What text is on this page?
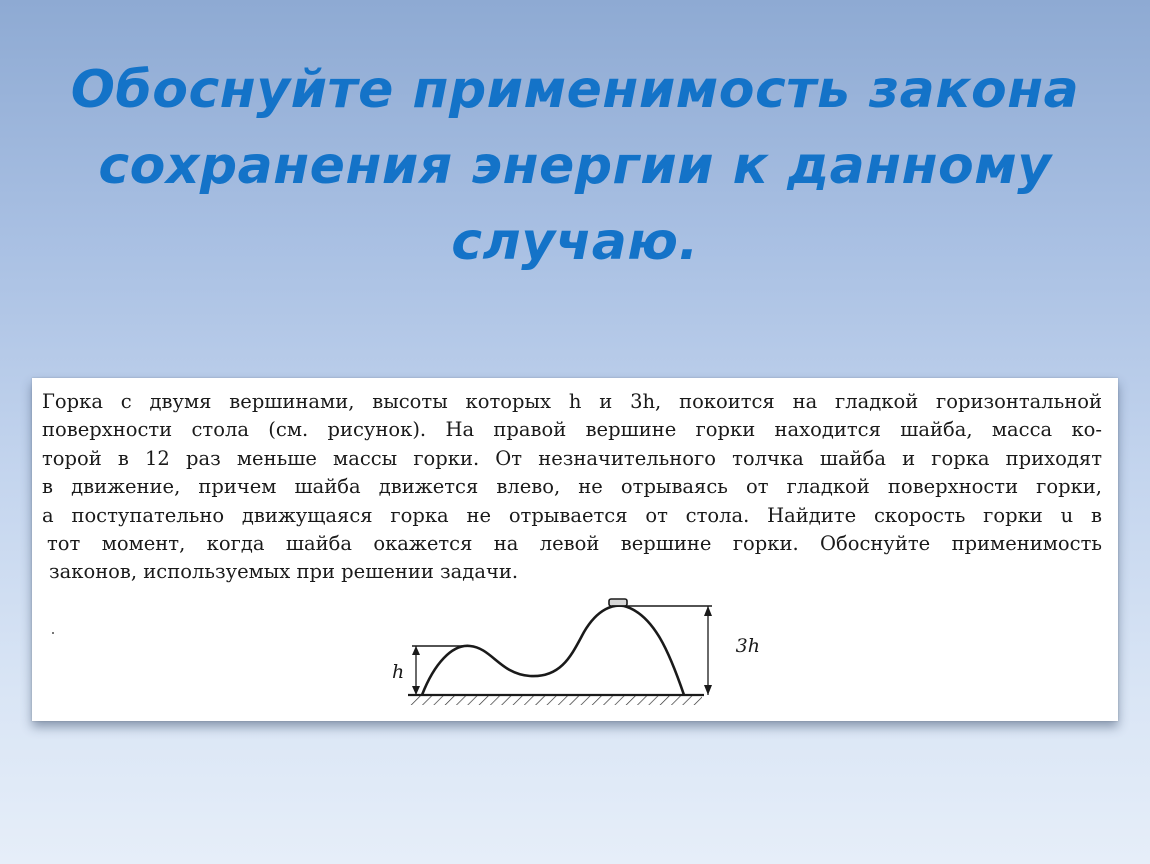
Обоснуйте применимость закона сохранения энергии к данному случаю.
Горка с двумя вершинами, высоты которых h и 3h, покоится на гладкой горизонтальной
поверхности стола (см. рисунок). На правой вершине горки находится шайба, масса ко-
торой в 12 раз меньше массы горки. От незначительного толчка шайба и горка приходят
в движение, причем шайба движется влево, не отрываясь от гладкой поверхности горки,
а поступательно движущаяся горка не отрывается от стола. Найдите скорость горки u в
тот момент, когда шайба окажется на левой вершине горки. Обоснуйте применимость
законов, используемых при решении задачи.
h
3h
